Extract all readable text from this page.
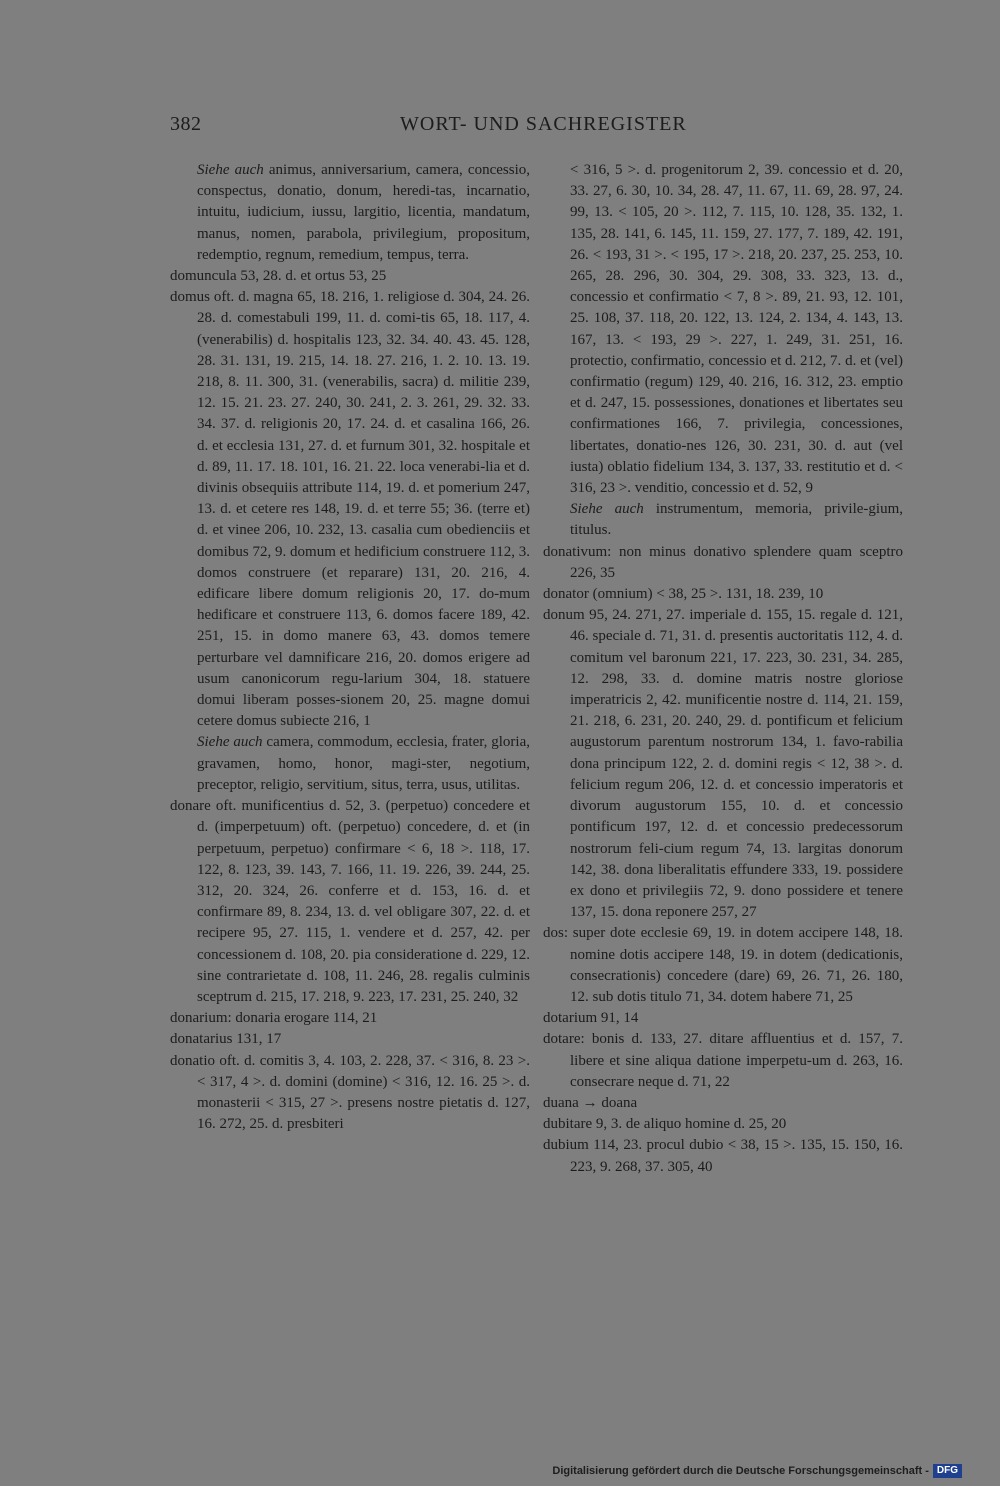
382	WORT- UND SACHREGISTER

Siehe auch animus, anniversarium, camera, concessio, conspectus, donatio, donum, heredi-tas, incarnatio, intuitu, iudicium, iussu, largitio, licentia, mandatum, manus, nomen, parabola, privilegium, propositum, redemptio, regnum, remedium, tempus, terra.

domuncula 53, 28. d. et ortus 53, 25

domus oft. d. magna 65, 18. 216, 1. religiose d. 304, 24. 26. 28. d. comestabuli 199, 11. d. comi-tis 65, 18. 117, 4. (venerabilis) d. hospitalis 123, 32. 34. 40. 43. 45. 128, 28. 31. 131, 19. 215, 14. 18. 27. 216, 1. 2. 10. 13. 19. 218, 8. 11. 300, 31. (venerabilis, sacra) d. militie 239, 12. 15. 21. 23. 27. 240, 30. 241, 2. 3. 261, 29. 32. 33. 34. 37. d. religionis 20, 17. 24. d. et casalina 166, 26. d. et ecclesia 131, 27. d. et furnum 301, 32. hospitale et d. 89, 11. 17. 18. 101, 16. 21. 22. loca venerabi-lia et d. divinis obsequiis attribute 114, 19. d. et pomerium 247, 13. d. et cetere res 148, 19. d. et terre 55; 36. (terre et) d. et vinee 206, 10. 232, 13. casalia cum obedienciis et domibus 72, 9. domum et hedificium construere 112, 3. domos construere (et reparare) 131, 20. 216, 4. edificare libere domum religionis 20, 17. do-mum hedificare et construere 113, 6. domos facere 189, 42. 251, 15. in domo manere 63, 43. domos temere perturbare vel damnificare 216, 20. domos erigere ad usum canonicorum regu-larium 304, 18. statuere domui liberam posses-sionem 20, 25. magne domui cetere domus subiecte 216, 1

Siehe auch camera, commodum, ecclesia, frater, gloria, gravamen, homo, honor, magi-ster, negotium, preceptor, religio, servitium, situs, terra, usus, utilitas.

donare oft. munificentius d. 52, 3. (perpetuo) concedere et d. (imperpetuum) oft. (perpetuo) concedere, d. et (in perpetuum, perpetuo) confirmare < 6, 18 >. 118, 17. 122, 8. 123, 39. 143, 7. 166, 11. 19. 226, 39. 244, 25. 312, 20. 324, 26. conferre et d. 153, 16. d. et confirmare 89, 8. 234, 13. d. vel obligare 307, 22. d. et recipere 95, 27. 115, 1. vendere et d. 257, 42. per concessionem d. 108, 20. pia consideratione d. 229, 12. sine contrarietate d. 108, 11. 246, 28. regalis culminis sceptrum d. 215, 17. 218, 9. 223, 17. 231, 25. 240, 32

donarium: donaria erogare 114, 21

donatarius 131, 17

donatio oft. d. comitis 3, 4. 103, 2. 228, 37. < 316, 8. 23 >. < 317, 4 >. d. domini (domine) < 316, 12. 16. 25 >. d. monasterii < 315, 27 >. presens nostre pietatis d. 127, 16. 272, 25. d. presbiteri

< 316, 5 >. d. progenitorum 2, 39. concessio et d. 20, 33. 27, 6. 30, 10. 34, 28. 47, 11. 67, 11. 69, 28. 97, 24. 99, 13. < 105, 20 >. 112, 7. 115, 10. 128, 35. 132, 1. 135, 28. 141, 6. 145, 11. 159, 27. 177, 7. 189, 42. 191, 26. < 193, 31 >. < 195, 17 >. 218, 20. 237, 25. 253, 10. 265, 28. 296, 30. 304, 29. 308, 33. 323, 13. d., concessio et confirmatio < 7, 8 >. 89, 21. 93, 12. 101, 25. 108, 37. 118, 20. 122, 13. 124, 2. 134, 4. 143, 13. 167, 13. < 193, 29 >. 227, 1. 249, 31. 251, 16. protectio, confirmatio, concessio et d. 212, 7. d. et (vel) confirmatio (regum) 129, 40. 216, 16. 312, 23. emptio et d. 247, 15. possessiones, donationes et libertates seu confirmationes 166, 7. privilegia, concessiones, libertates, donatio-nes 126, 30. 231, 30. d. aut (vel iusta) oblatio fidelium 134, 3. 137, 33. restitutio et d. < 316, 23 >. venditio, concessio et d. 52, 9

Siehe auch instrumentum, memoria, privile-gium, titulus.

donativum: non minus donativo splendere quam sceptro 226, 35

donator (omnium) < 38, 25 >. 131, 18. 239, 10

donum 95, 24. 271, 27. imperiale d. 155, 15. regale d. 121, 46. speciale d. 71, 31. d. presentis auctoritatis 112, 4. d. comitum vel baronum 221, 17. 223, 30. 231, 34. 285, 12. 298, 33. d. domine matris nostre gloriose imperatricis 2, 42. munificentie nostre d. 114, 21. 159, 21. 218, 6. 231, 20. 240, 29. d. pontificum et felicium augustorum parentum nostrorum 134, 1. favo-rabilia dona principum 122, 2. d. domini regis < 12, 38 >. d. felicium regum 206, 12. d. et concessio imperatoris et divorum augustorum 155, 10. d. et concessio pontificum 197, 12. d. et concessio predecessorum nostrorum feli-cium regum 74, 13. largitas donorum 142, 38. dona liberalitatis effundere 333, 19. possidere ex dono et privilegiis 72, 9. dono possidere et tenere 137, 15. dona reponere 257, 27

dos: super dote ecclesie 69, 19. in dotem accipere 148, 18. nomine dotis accipere 148, 19. in dotem (dedicationis, consecrationis) concedere (dare) 69, 26. 71, 26. 180, 12. sub dotis titulo 71, 34. dotem habere 71, 25

dotarium 91, 14

dotare: bonis d. 133, 27. ditare affluentius et d. 157, 7. libere et sine aliqua datione imperpetu-um d. 263, 16. consecrare neque d. 71, 22

duana → doana

dubitare 9, 3. de aliquo homine d. 25, 20

dubium 114, 23. procul dubio < 38, 15 >. 135, 15. 150, 16. 223, 9. 268, 37. 305, 40

Digitalisierung gefördert durch die Deutsche Forschungsgemeinschaft - DFG
